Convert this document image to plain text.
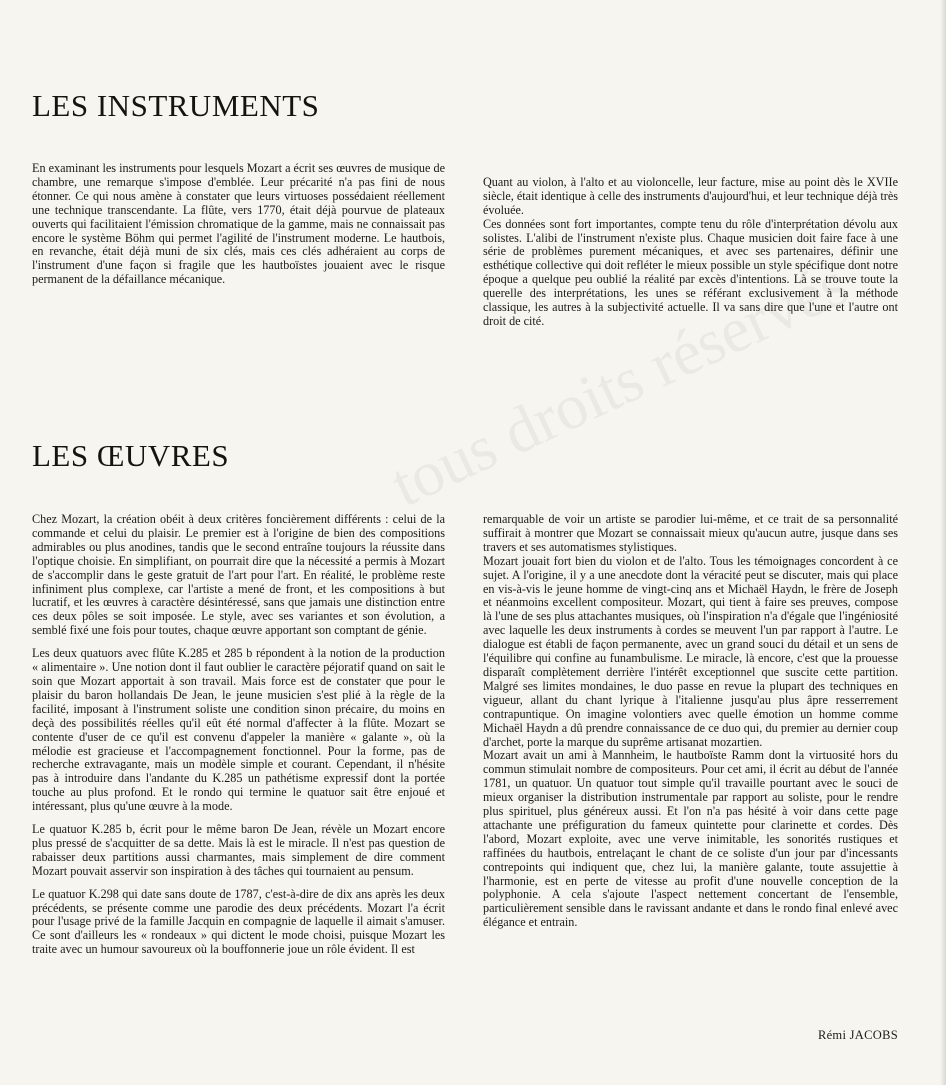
LES INSTRUMENTS

En examinant les instruments pour lesquels Mozart a écrit ses œuvres de musique de chambre, une remarque s'impose d'emblée. Leur précarité n'a pas fini de nous étonner. Ce qui nous amène à constater que leurs virtuoses possédaient réellement une technique transcendante. La flûte, vers 1770, était déjà pourvue de plateaux ouverts qui facilitaient l'émission chromatique de la gamme, mais ne connaissait pas encore le système Böhm qui permet l'agilité de l'instrument moderne. Le hautbois, en revanche, était déjà muni de six clés, mais ces clés adhéraient au corps de l'instrument d'une façon si fragile que les hautboïstes jouaient avec le risque permanent de la défaillance mécanique.

Quant au violon, à l'alto et au violoncelle, leur facture, mise au point dès le XVIIe siècle, était identique à celle des instruments d'aujourd'hui, et leur technique déjà très évoluée.
Ces données sont fort importantes, compte tenu du rôle d'interprétation dévolu aux solistes. L'alibi de l'instrument n'existe plus. Chaque musicien doit faire face à une série de problèmes purement mécaniques, et avec ses partenaires, définir une esthétique collective qui doit refléter le mieux possible un style spécifique dont notre époque a quelque peu oublié la réalité par excès d'intentions. Là se trouve toute la querelle des interprétations, les unes se référant exclusivement à la méthode classique, les autres à la subjectivité actuelle. Il va sans dire que l'une et l'autre ont droit de cité.

LES ŒUVRES

Chez Mozart, la création obéit à deux critères foncièrement différents : celui de la commande et celui du plaisir. Le premier est à l'origine de bien des compositions admirables ou plus anodines, tandis que le second entraîne toujours la réussite dans l'optique choisie. En simplifiant, on pourrait dire que la nécessité a permis à Mozart de s'accomplir dans le geste gratuit de l'art pour l'art. En réalité, le problème reste infiniment plus complexe, car l'artiste a mené de front, et les compositions à but lucratif, et les œuvres à caractère désintéressé, sans que jamais une distinction entre ces deux pôles se soit imposée. Le style, avec ses variantes et son évolution, a semblé fixé une fois pour toutes, chaque œuvre apportant son comptant de génie.

Les deux quatuors avec flûte K.285 et 285 b répondent à la notion de la production « alimentaire ». Une notion dont il faut oublier le caractère péjoratif quand on sait le soin que Mozart apportait à son travail. Mais force est de constater que pour le plaisir du baron hollandais De Jean, le jeune musicien s'est plié à la règle de la facilité, imposant à l'instrument soliste une condition sinon précaire, du moins en deçà des possibilités réelles qu'il eût été normal d'affecter à la flûte. Mozart se contente d'user de ce qu'il est convenu d'appeler la manière « galante », où la mélodie est gracieuse et l'accompagnement fonctionnel. Pour la forme, pas de recherche extravagante, mais un modèle simple et courant. Cependant, il n'hésite pas à introduire dans l'andante du K.285 un pathétisme expressif dont la portée touche au plus profond. Et le rondo qui termine le quatuor sait être enjoué et intéressant, plus qu'une œuvre à la mode.

Le quatuor K.285 b, écrit pour le même baron De Jean, révèle un Mozart encore plus pressé de s'acquitter de sa dette. Mais là est le miracle. Il n'est pas question de rabaisser deux partitions aussi charmantes, mais simplement de dire comment Mozart pouvait asservir son inspiration à des tâches qui tournaient au pensum.

Le quatuor K.298 qui date sans doute de 1787, c'est-à-dire de dix ans après les deux précédents, se présente comme une parodie des deux précédents. Mozart l'a écrit pour l'usage privé de la famille Jacquin en compagnie de laquelle il aimait s'amuser. Ce sont d'ailleurs les « rondeaux » qui dictent le mode choisi, puisque Mozart les traite avec un humour savoureux où la bouffonnerie joue un rôle évident. Il est

remarquable de voir un artiste se parodier lui-même, et ce trait de sa personnalité suffirait à montrer que Mozart se connaissait mieux qu'aucun autre, jusque dans ses travers et ses automatismes stylistiques.

Mozart jouait fort bien du violon et de l'alto. Tous les témoignages concordent à ce sujet. A l'origine, il y a une anecdote dont la véracité peut se discuter, mais qui place en vis-à-vis le jeune homme de vingt-cinq ans et Michaël Haydn, le frère de Joseph et néanmoins excellent compositeur. Mozart, qui tient à faire ses preuves, compose là l'une de ses plus attachantes musiques, où l'inspiration n'a d'égale que l'ingéniosité avec laquelle les deux instruments à cordes se meuvent l'un par rapport à l'autre. Le dialogue est établi de façon permanente, avec un grand souci du détail et un sens de l'équilibre qui confine au funambulisme. Le miracle, là encore, c'est que la prouesse disparaît complètement derrière l'intérêt exceptionnel que suscite cette partition. Malgré ses limites mondaines, le duo passe en revue la plupart des techniques en vigueur, allant du chant lyrique à l'italienne jusqu'au plus âpre resserrement contrapuntique. On imagine volontiers avec quelle émotion un homme comme Michaël Haydn a dû prendre connaissance de ce duo qui, du premier au dernier coup d'archet, porte la marque du suprême artisanat mozartien.

Mozart avait un ami à Mannheim, le hautboïste Ramm dont la virtuosité hors du commun stimulait nombre de compositeurs. Pour cet ami, il écrit au début de l'année 1781, un quatuor. Un quatuor tout simple qu'il travaille pourtant avec le souci de mieux organiser la distribution instrumentale par rapport au soliste, pour le rendre plus spirituel, plus généreux aussi. Et l'on n'a pas hésité à voir dans cette page attachante une préfiguration du fameux quintette pour clarinette et cordes. Dès l'abord, Mozart exploite, avec une verve inimitable, les sonorités rustiques et raffinées du hautbois, entrelaçant le chant de ce soliste d'un jour par d'incessants contrepoints qui indiquent que, chez lui, la manière galante, toute assujettie à l'harmonie, est en perte de vitesse au profit d'une nouvelle conception de la polyphonie. A cela s'ajoute l'aspect nettement concertant de l'ensemble, particulièrement sensible dans le ravissant andante et dans le rondo final enlevé avec élégance et entrain.

Rémi JACOBS
